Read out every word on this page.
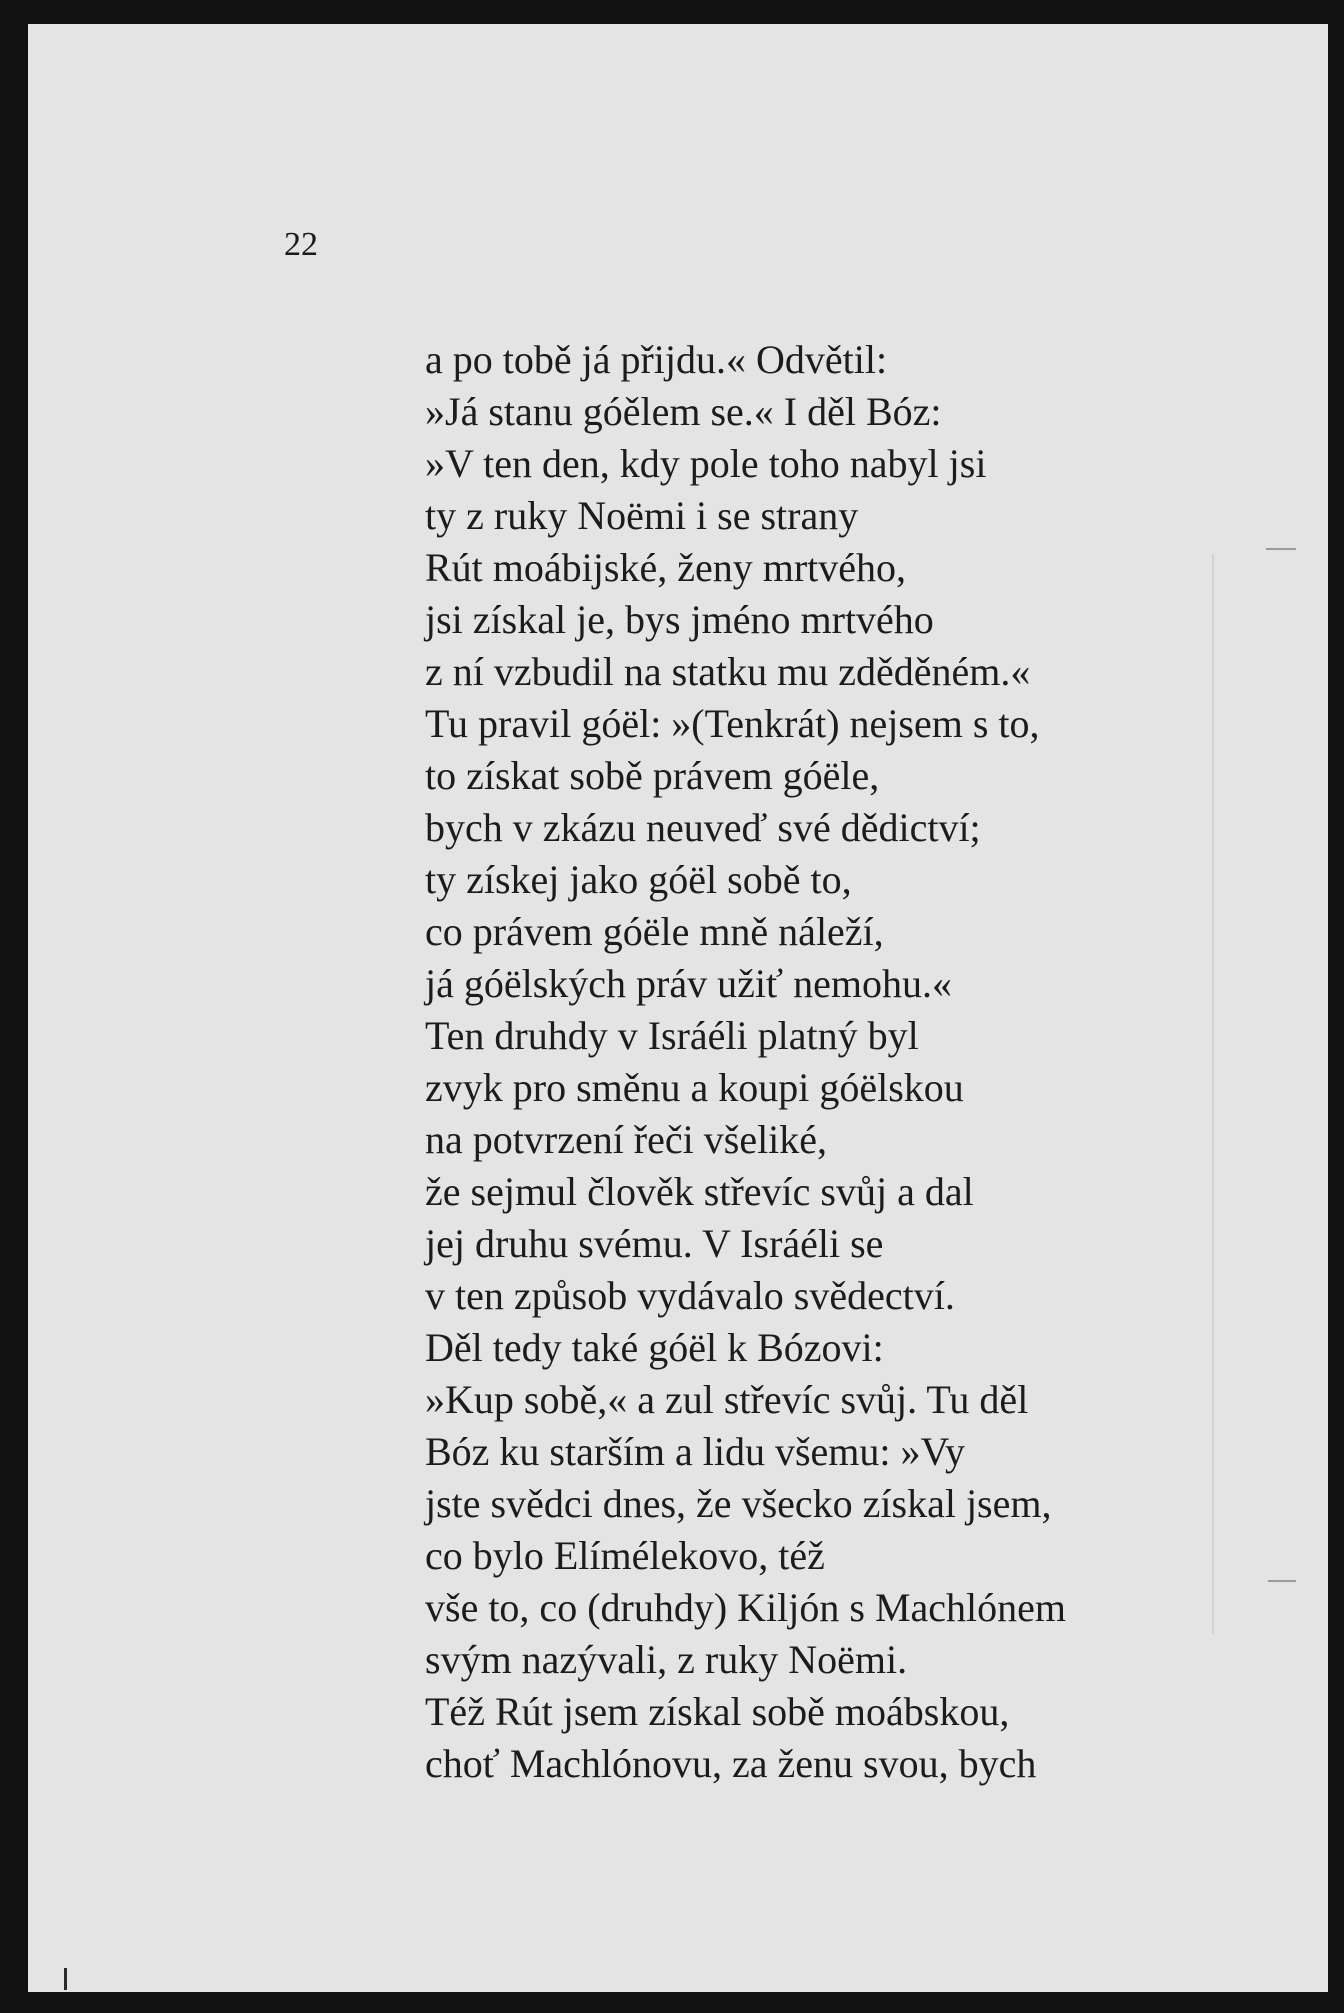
22
a po tobě já přijdu.« Odvětil:
»Já stanu góělem se.« I děl Bóz:
»V ten den, kdy pole toho nabyl jsi
ty z ruky Noëmi i se strany
Rút moábijské, ženy mrtvého,
jsi získal je, bys jméno mrtvého
z ní vzbudil na statku mu zděděném.«
Tu pravil góël: »(Tenkrát) nejsem s to,
to získat sobě právem góële,
bych v zkázu neuveď své dědictví;
ty získej jako góël sobě to,
co právem góële mně náleží,
já góëlských práv užiť nemohu.«
Ten druhdy v Isráéli platný byl
zvyk pro směnu a koupi góëlskou
na potvrzení řeči všeliké,
že sejmul člověk střevíc svůj a dal
jej druhu svému. V Isráéli se
v ten způsob vydávalo svědectví.
Děl tedy také góël k Bózovi:
»Kup sobě,« a zul střevíc svůj. Tu děl
Bóz ku starším a lidu všemu: »Vy
jste svědci dnes, že všecko získal jsem,
co bylo Elímélekovo, též
vše to, co (druhdy) Kiljón s Machlónem
svým nazývali, z ruky Noëmi.
Též Rút jsem získal sobě moábskou,
choť Machlónovu, za ženu svou, bych
